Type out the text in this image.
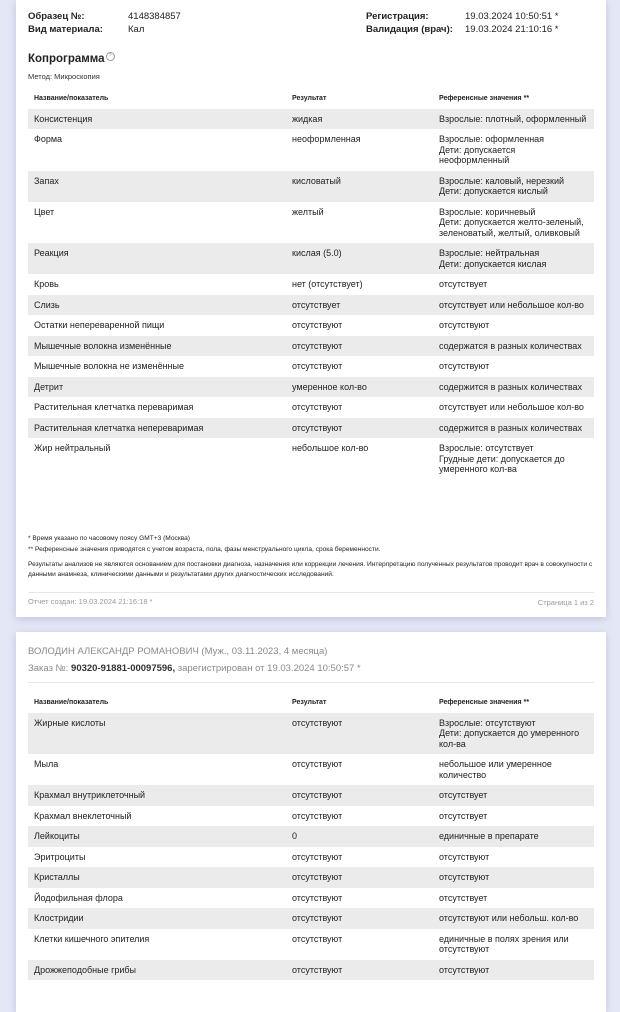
Образец №:	4148384857
Вид материала:	Кал
Регистрация:	19.03.2024 10:50:51 *
Валидация (врач): 19.03.2024 21:10:16 *
Копрограмма ?
Метод: Микроскопия
Название/показатель	Результат	Референсные значения **
Консистенция	жидкая	Взрослые: плотный, оформленный

Форма	неоформленная	Взрослые: оформленная
Дети: допускается
неоформленный

Запах	кисловатый	Взрослые: каловый, нерезкий
Дети: допускается кислый

Цвет	желтый	Взрослые: коричневый
Дети: допускается желто-зеленый,
зеленоватый, желтый, оливковый

Реакция	кислая (5.0)	Взрослые: нейтральная
Дети: допускается кислая

Кровь	нет (отсутствует)	отсутствует

Слизь	отсутствует	отсутствует или небольшое кол-во

Остатки непереваренной пищи	отсутствуют	отсутствуют

Мышечные волокна изменённые	отсутствуют	содержатся в разных количествах

Мышечные волокна не изменённые	отсутствуют	отсутствуют

Детрит	умеренное кол-во	содержится в разных количествах

Растительная клетчатка переваримая	отсутствуют	отсутствует или небольшое кол-во

Растительная клетчатка непереваримая	отсутствуют	содержится в разных количествах

Жир нейтральный	небольшое кол-во	Взрослые: отсутствует
Грудные дети: допускается до
умеренного кол-ва
* Время указано по часовому поясу GMT+3 (Москва)
** Референсные значения приводятся с учетом возраста, пола, фазы менструального цикла, срока беременности.
Результаты анализов не являются основанием для постановки диагноза, назначения или коррекции лечения. Интерпретацию полученных результатов проводит врач в совокупности с данными анамнеза, клиническими данными и результатами других диагностических исследований.
Отчет создан: 19.03.2024 21:16:18 *	Страница 1 из 2
ВОЛОДИН АЛЕКСАНДР РОМАНОВИЧ (Муж., 03.11.2023, 4 месяца)
Заказ №: 90320-91881-00097596, зарегистрирован от 19.03.2024 10:50:57 *
Название/показатель	Результат	Референсные значения **
Жирные кислоты	отсутствуют	Взрослые: отсутствуют
Дети: допускается до умеренного
кол-ва

Мыла	отсутствуют	небольшое или умеренное
количество

Крахмал внутриклеточный	отсутствуют	отсутствует

Крахмал внеклеточный	отсутствуют	отсутствует

Лейкоциты	0	единичные в препарате

Эритроциты	отсутствуют	отсутствуют

Кристаллы	отсутствуют	отсутствуют

Йодофильная флора	отсутствуют	отсутствует

Клостридии	отсутствуют	отсутствуют или небольш. кол-во

Клетки кишечного эпителия	отсутствуют	единичные в полях зрения или
отсутствуют

Дрожжеподобные грибы	отсутствуют	отсутствуют
